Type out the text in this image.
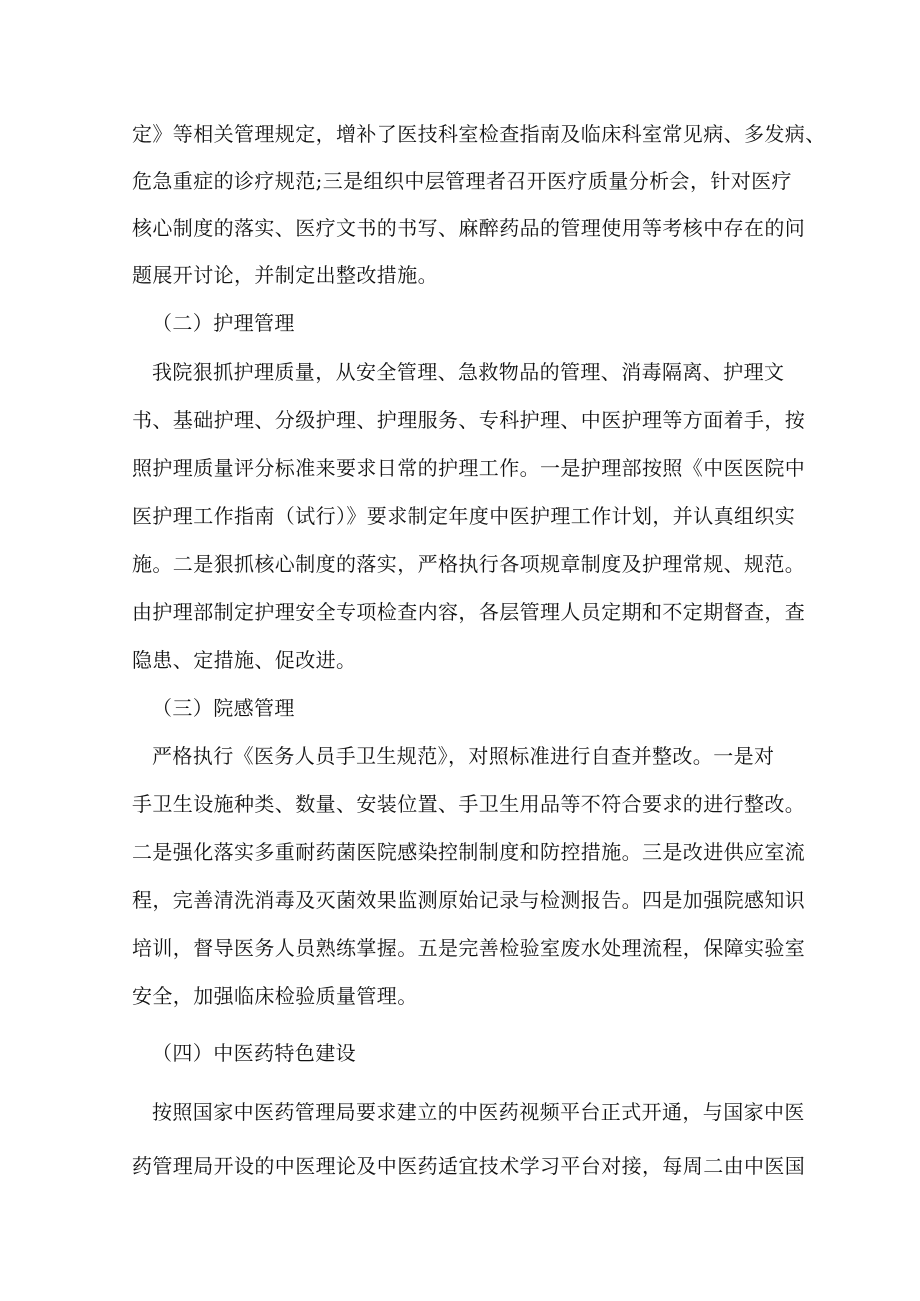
定》等相关管理规定，增补了医技科室检查指南及临床科室常见病、多发病、
危急重症的诊疗规范;三是组织中层管理者召开医疗质量分析会，针对医疗
核心制度的落实、医疗文书的书写、麻醉药品的管理使用等考核中存在的问
题展开讨论，并制定出整改措施。
（二）护理管理
我院狠抓护理质量，从安全管理、急救物品的管理、消毒隔离、护理文
书、基础护理、分级护理、护理服务、专科护理、中医护理等方面着手，按
照护理质量评分标准来要求日常的护理工作。一是护理部按照《中医医院中
医护理工作指南（试行）》要求制定年度中医护理工作计划，并认真组织实
施。二是狠抓核心制度的落实，严格执行各项规章制度及护理常规、规范。
由护理部制定护理安全专项检查内容，各层管理人员定期和不定期督查，查
隐患、定措施、促改进。
（三）院感管理
严格执行《医务人员手卫生规范》，对照标准进行自查并整改。一是对
手卫生设施种类、数量、安装位置、手卫生用品等不符合要求的进行整改。
二是强化落实多重耐药菌医院感染控制制度和防控措施。三是改进供应室流
程，完善清洗消毒及灭菌效果监测原始记录与检测报告。四是加强院感知识
培训，督导医务人员熟练掌握。五是完善检验室废水处理流程，保障实验室
安全，加强临床检验质量管理。
（四）中医药特色建设
按照国家中医药管理局要求建立的中医药视频平台正式开通，与国家中医
药管理局开设的中医理论及中医药适宜技术学习平台对接，每周二由中医国
